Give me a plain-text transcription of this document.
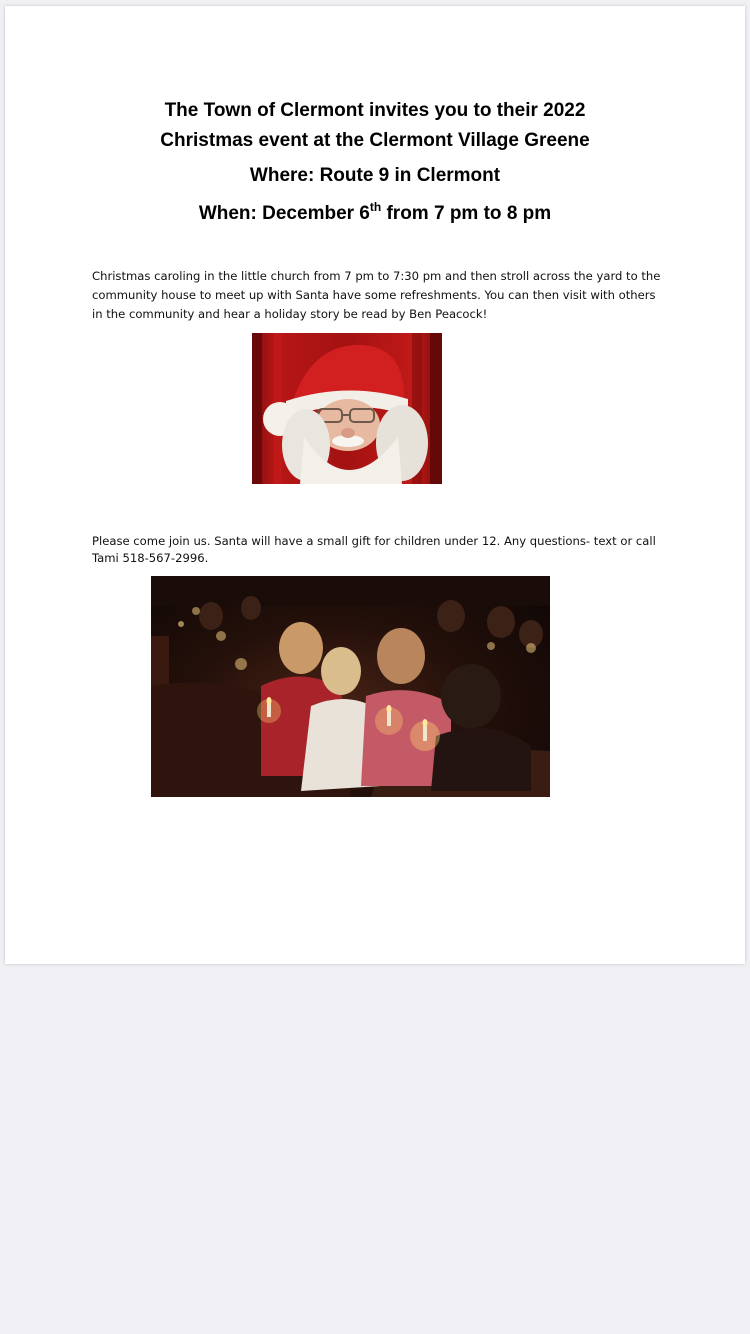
The Town of Clermont invites you to their 2022
Christmas event at the Clermont Village Greene
Where: Route 9 in Clermont
When: December 6th from 7 pm to 8 pm
Christmas caroling in the little church from 7 pm to 7:30 pm and then stroll across the yard to the community house to meet up with Santa have some refreshments. You can then visit with others in the community and hear a holiday story be read by Ben Peacock!
Please come join us. Santa will have a small gift for children under 12. Any questions- text or call Tami 518-567-2996.
